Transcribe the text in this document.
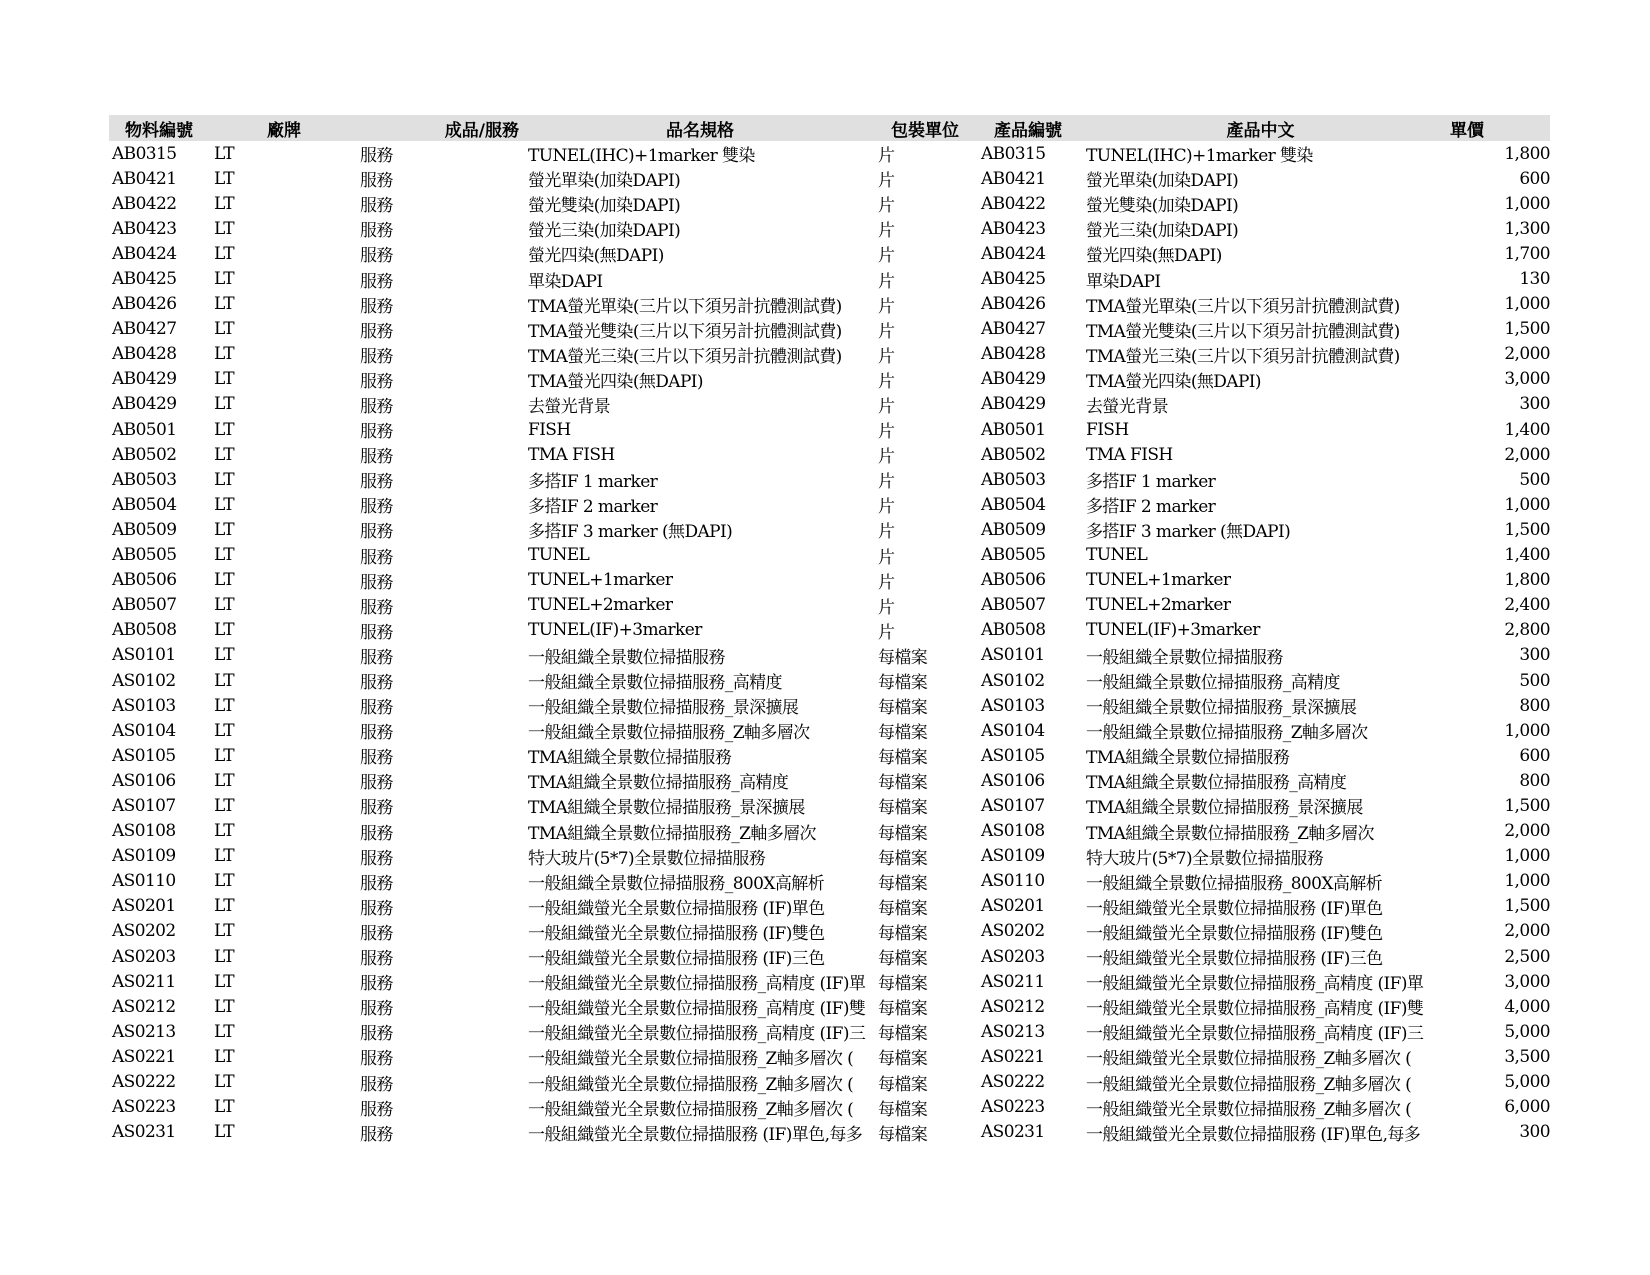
物料編號	廠牌	成品/服務	品名規格	包裝單位	產品編號	產品中文	單價
AB0315	LT	服務	TUNEL(IHC)+1marker 雙染	片	AB0315	TUNEL(IHC)+1marker 雙染	1,800
AB0421	LT	服務	螢光單染(加染DAPI)	片	AB0421	螢光單染(加染DAPI)	600
AB0422	LT	服務	螢光雙染(加染DAPI)	片	AB0422	螢光雙染(加染DAPI)	1,000
AB0423	LT	服務	螢光三染(加染DAPI)	片	AB0423	螢光三染(加染DAPI)	1,300
AB0424	LT	服務	螢光四染(無DAPI)	片	AB0424	螢光四染(無DAPI)	1,700
AB0425	LT	服務	單染DAPI	片	AB0425	單染DAPI	130
AB0426	LT	服務	TMA螢光單染(三片以下須另計抗體測試費)	片	AB0426	TMA螢光單染(三片以下須另計抗體測試費)	1,000
AB0427	LT	服務	TMA螢光雙染(三片以下須另計抗體測試費)	片	AB0427	TMA螢光雙染(三片以下須另計抗體測試費)	1,500
AB0428	LT	服務	TMA螢光三染(三片以下須另計抗體測試費)	片	AB0428	TMA螢光三染(三片以下須另計抗體測試費)	2,000
AB0429	LT	服務	TMA螢光四染(無DAPI)	片	AB0429	TMA螢光四染(無DAPI)	3,000
AB0429	LT	服務	去螢光背景	片	AB0429	去螢光背景	300
AB0501	LT	服務	FISH	片	AB0501	FISH	1,400
AB0502	LT	服務	TMA FISH	片	AB0502	TMA FISH	2,000
AB0503	LT	服務	多搭IF 1 marker	片	AB0503	多搭IF 1 marker	500
AB0504	LT	服務	多搭IF 2 marker	片	AB0504	多搭IF 2 marker	1,000
AB0509	LT	服務	多搭IF 3 marker (無DAPI)	片	AB0509	多搭IF 3 marker (無DAPI)	1,500
AB0505	LT	服務	TUNEL	片	AB0505	TUNEL	1,400
AB0506	LT	服務	TUNEL+1marker	片	AB0506	TUNEL+1marker	1,800
AB0507	LT	服務	TUNEL+2marker	片	AB0507	TUNEL+2marker	2,400
AB0508	LT	服務	TUNEL(IF)+3marker	片	AB0508	TUNEL(IF)+3marker	2,800
AS0101	LT	服務	一般組織全景數位掃描服務	每檔案	AS0101	一般組織全景數位掃描服務	300
AS0102	LT	服務	一般組織全景數位掃描服務_高精度	每檔案	AS0102	一般組織全景數位掃描服務_高精度	500
AS0103	LT	服務	一般組織全景數位掃描服務_景深擴展	每檔案	AS0103	一般組織全景數位掃描服務_景深擴展	800
AS0104	LT	服務	一般組織全景數位掃描服務_Z軸多層次	每檔案	AS0104	一般組織全景數位掃描服務_Z軸多層次	1,000
AS0105	LT	服務	TMA組織全景數位掃描服務	每檔案	AS0105	TMA組織全景數位掃描服務	600
AS0106	LT	服務	TMA組織全景數位掃描服務_高精度	每檔案	AS0106	TMA組織全景數位掃描服務_高精度	800
AS0107	LT	服務	TMA組織全景數位掃描服務_景深擴展	每檔案	AS0107	TMA組織全景數位掃描服務_景深擴展	1,500
AS0108	LT	服務	TMA組織全景數位掃描服務_Z軸多層次	每檔案	AS0108	TMA組織全景數位掃描服務_Z軸多層次	2,000
AS0109	LT	服務	特大玻片(5*7)全景數位掃描服務	每檔案	AS0109	特大玻片(5*7)全景數位掃描服務	1,000
AS0110	LT	服務	一般組織全景數位掃描服務_800X高解析	每檔案	AS0110	一般組織全景數位掃描服務_800X高解析	1,000
AS0201	LT	服務	一般組織螢光全景數位掃描服務 (IF)單色	每檔案	AS0201	一般組織螢光全景數位掃描服務 (IF)單色	1,500
AS0202	LT	服務	一般組織螢光全景數位掃描服務 (IF)雙色	每檔案	AS0202	一般組織螢光全景數位掃描服務 (IF)雙色	2,000
AS0203	LT	服務	一般組織螢光全景數位掃描服務 (IF)三色	每檔案	AS0203	一般組織螢光全景數位掃描服務 (IF)三色	2,500
AS0211	LT	服務	一般組織螢光全景數位掃描服務_高精度 (IF)單	每檔案	AS0211	一般組織螢光全景數位掃描服務_高精度 (IF)單	3,000
AS0212	LT	服務	一般組織螢光全景數位掃描服務_高精度 (IF)雙	每檔案	AS0212	一般組織螢光全景數位掃描服務_高精度 (IF)雙	4,000
AS0213	LT	服務	一般組織螢光全景數位掃描服務_高精度 (IF)三	每檔案	AS0213	一般組織螢光全景數位掃描服務_高精度 (IF)三	5,000
AS0221	LT	服務	一般組織螢光全景數位掃描服務_Z軸多層次 (	每檔案	AS0221	一般組織螢光全景數位掃描服務_Z軸多層次 (	3,500
AS0222	LT	服務	一般組織螢光全景數位掃描服務_Z軸多層次 (	每檔案	AS0222	一般組織螢光全景數位掃描服務_Z軸多層次 (	5,000
AS0223	LT	服務	一般組織螢光全景數位掃描服務_Z軸多層次 (	每檔案	AS0223	一般組織螢光全景數位掃描服務_Z軸多層次 (	6,000
AS0231	LT	服務	一般組織螢光全景數位掃描服務 (IF)單色,每多	每檔案	AS0231	一般組織螢光全景數位掃描服務 (IF)單色,每多	300
